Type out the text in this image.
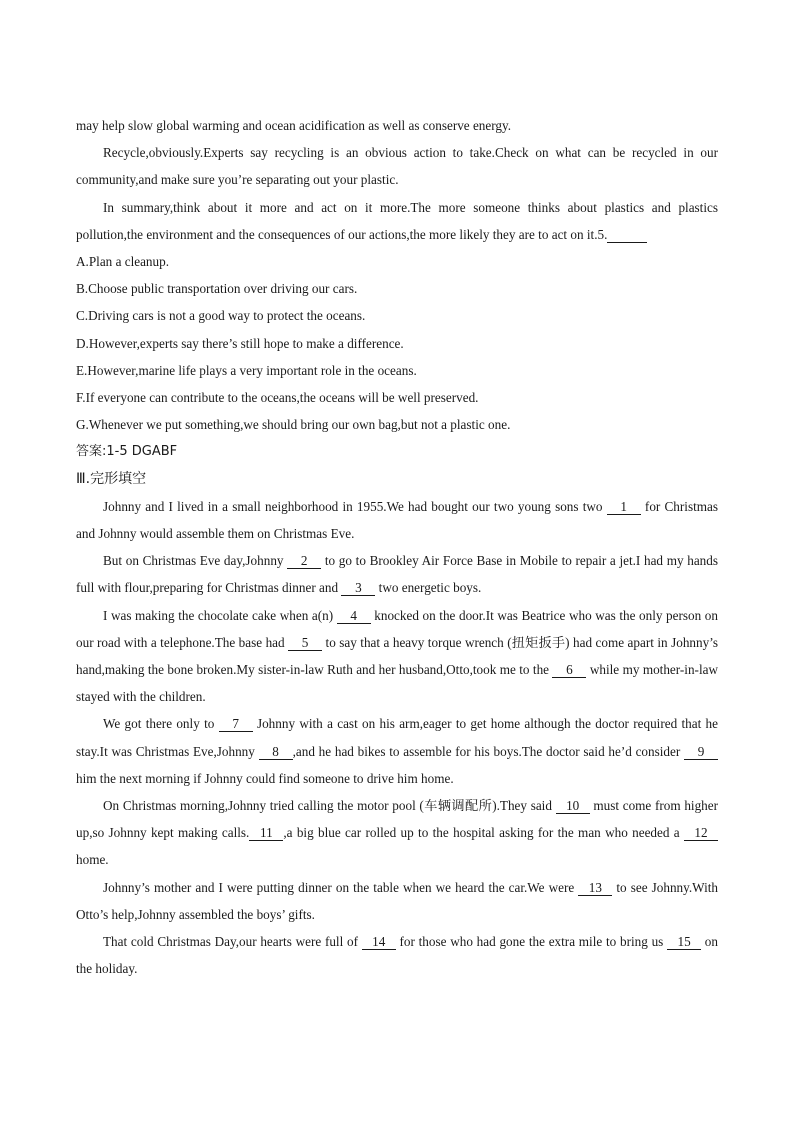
may help slow global warming and ocean acidification as well as conserve energy.

Recycle,obviously.Experts say recycling is an obvious action to take.Check on what can be recycled in our community,and make sure you’re separating out your plastic.

In summary,think about it more and act on it more.The more someone thinks about plastics and plastics pollution,the environment and the consequences of our actions,the more likely they are to act on it.5.

A.Plan a cleanup.

B.Choose public transportation over driving our cars.

C.Driving cars is not a good way to protect the oceans.

D.However,experts say there’s still hope to make a difference.

E.However,marine life plays a very important role in the oceans.

F.If everyone can contribute to the oceans,the oceans will be well preserved.

G.Whenever we put something,we should bring our own bag,but not a plastic one.

答案:1-5 DGABF

Ⅲ.完形填空

Johnny and I lived in a small neighborhood in 1955.We had bought our two young sons two 1 for Christmas and Johnny would assemble them on Christmas Eve.

But on Christmas Eve day,Johnny 2 to go to Brookley Air Force Base in Mobile to repair a jet.I had my hands full with flour,preparing for Christmas dinner and 3 two energetic boys.

I was making the chocolate cake when a(n) 4 knocked on the door.It was Beatrice who was the only person on our road with a telephone.The base had 5 to say that a heavy torque wrench (扭矩扳手) had come apart in Johnny’s hand,making the bone broken.My sister-in-law Ruth and her husband,Otto,took me to the 6 while my mother-in-law stayed with the children.

We got there only to 7 Johnny with a cast on his arm,eager to get home although the doctor required that he stay.It was Christmas Eve,Johnny 8 ,and he had bikes to assemble for his boys.The doctor said he’d consider 9 him the next morning if Johnny could find someone to drive him home.

On Christmas morning,Johnny tried calling the motor pool (车辆调配所).They said 10 must come from higher up,so Johnny kept making calls. 11 ,a big blue car rolled up to the hospital asking for the man who needed a 12 home.

Johnny’s mother and I were putting dinner on the table when we heard the car.We were 13 to see Johnny.With Otto’s help,Johnny assembled the boys’ gifts.

That cold Christmas Day,our hearts were full of 14 for those who had gone the extra mile to bring us 15 on the holiday.
